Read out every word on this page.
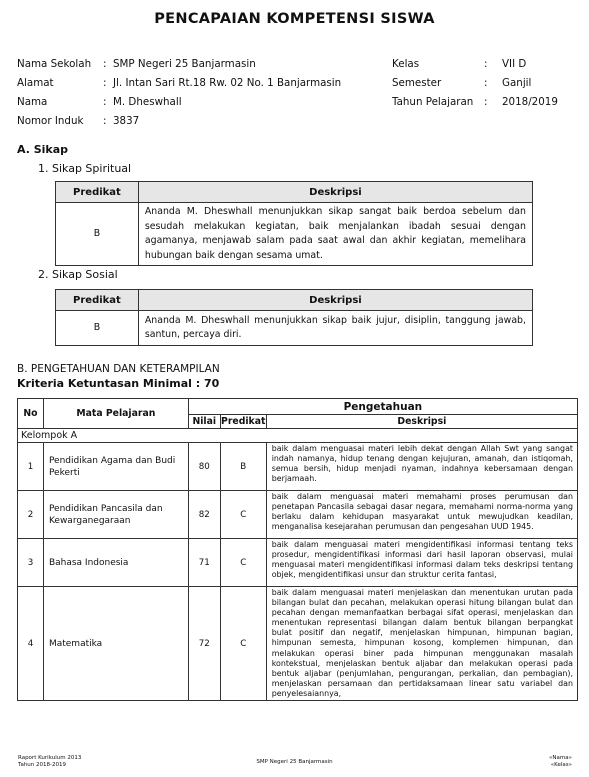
PENCAPAIAN KOMPETENSI SISWA
Nama Sekolah	: SMP Negeri 25 Banjarmasin
Alamat	: Jl. Intan Sari Rt.18 Rw. 02 No. 1 Banjarmasin
Nama	: M. Dheswhall
Nomor Induk	: 3837
Kelas	:	VII D
Semester	:	Ganjil
Tahun Pelajaran	:	2018/2019
A. Sikap
1. Sikap Spiritual
Predikat	Deskripsi
B	Ananda M. Dheswhall menunjukkan sikap sangat baik berdoa sebelum dan sesudah melakukan kegiatan, baik menjalankan ibadah sesuai dengan agamanya, menjawab salam pada saat awal dan akhir kegiatan, memelihara hubungan baik dengan sesama umat.
2. Sikap Sosial
Predikat	Deskripsi
B	Ananda M. Dheswhall menunjukkan sikap baik jujur, disiplin, tanggung jawab, santun, percaya diri.
B. PENGETAHUAN DAN KETERAMPILAN
Kriteria Ketuntasan Minimal : 70
No	Mata Pelajaran	Pengetahuan		
		Nilai	Predikat	Deskripsi
Kelompok A				
1	Pendidikan Agama dan Budi Pekerti	80	B	baik dalam menguasai materi lebih dekat dengan Allah Swt yang sangat indah namanya, hidup tenang dengan kejujuran, amanah, dan istiqomah, semua bersih, hidup menjadi nyaman, indahnya kebersamaan dengan berjamaah.
2	Pendidikan Pancasila dan Kewarganegaraan	82	C	baik dalam menguasai materi memahami proses perumusan dan penetapan Pancasila sebagai dasar negara, memahami norma-norma yang berlaku dalam kehidupan masyarakat untuk mewujudkan keadilan, menganalisa kesejarahan perumusan dan pengesahan UUD 1945.
3	Bahasa Indonesia	71	C	baik dalam menguasai materi mengidentifikasi informasi tentang teks prosedur, mengidentifikasi informasi dari hasil laporan observasi, mulai menguasai materi mengidentifikasi informasi dalam teks deskripsi tentang objek, mengidentifikasi unsur dan struktur cerita fantasi,
4	Matematika	72	C	baik dalam menguasai materi menjelaskan dan menentukan urutan pada bilangan bulat dan pecahan, melakukan operasi hitung bilangan bulat dan pecahan dengan memanfaatkan berbagai sifat operasi, menjelaskan dan menentukan representasi bilangan dalam bentuk bilangan berpangkat bulat positif dan negatif, menjelaskan himpunan, himpunan bagian, himpunan semesta, himpunan kosong, komplemen himpunan, dan melakukan operasi biner pada himpunan menggunakan masalah kontekstual, menjelaskan bentuk aljabar dan melakukan operasi pada bentuk aljabar (penjumlahan, pengurangan, perkalian, dan pembagian), menjelaskan persamaan dan pertidaksamaan linear satu variabel dan penyelesaiannya,
Raport Kurikulum 2013
Tahun 2018-2019	SMP Negeri 25 Banjarmasin
«Nama»
«Kelas»
